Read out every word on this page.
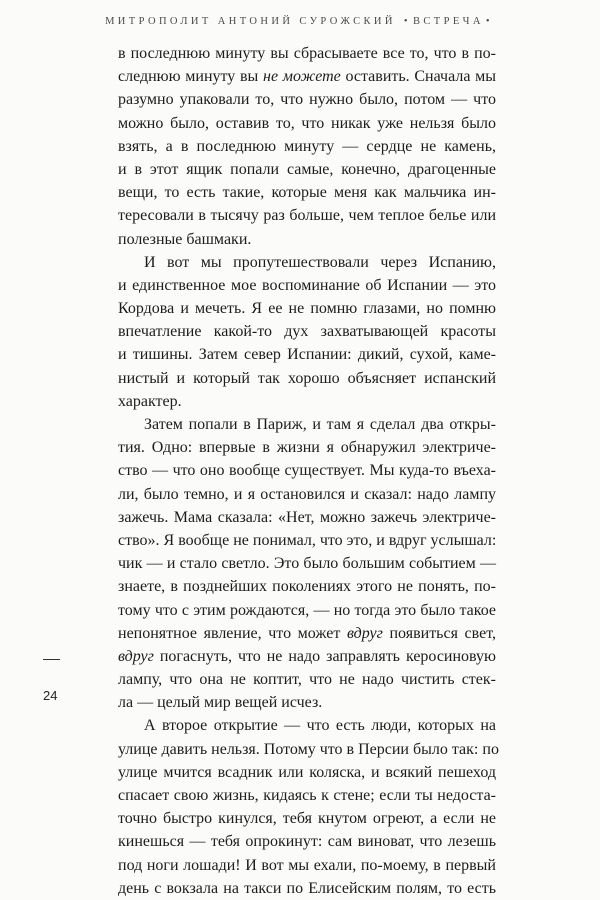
МИТРОПОЛИТ АНТОНИЙ СУРОЖСКИЙ • ВСТРЕЧА •
в последнюю минуту вы сбрасываете все то, что в по-
следнюю минуту вы не можете оставить. Сначала мы
разумно упаковали то, что нужно было, потом — что
можно было, оставив то, что никак уже нельзя было
взять, а в последнюю минуту — сердце не камень,
и в этот ящик попали самые, конечно, драгоценные
вещи, то есть такие, которые меня как мальчика ин-
тересовали в тысячу раз больше, чем теплое белье или
полезные башмаки.
И вот мы пропутешествовали через Испанию,
и единственное мое воспоминание об Испании — это
Кордова и мечеть. Я ее не помню глазами, но помню
впечатление какой-то дух захватывающей красоты
и тишины. Затем север Испании: дикий, сухой, каме-
нистый и который так хорошо объясняет испанский
характер.
Затем попали в Париж, и там я сделал два откры-
тия. Одно: впервые в жизни я обнаружил электриче-
ство — что оно вообще существует. Мы куда-то въеха-
ли, было темно, и я остановился и сказал: надо лампу
зажечь. Мама сказала: «Нет, можно зажечь электриче-
ство». Я вообще не понимал, что это, и вдруг услышал:
чик — и стало светло. Это было большим событием —
знаете, в позднейших поколениях этого не понять, по-
тому что с этим рождаются, — но тогда это было такое
непонятное явление, что может вдруг появиться свет,
вдруг погаснуть, что не надо заправлять керосиновую
лампу, что она не коптит, что не надо чистить стек-
ла — целый мир вещей исчез.
А второе открытие — что есть люди, которых на
улице давить нельзя. Потому что в Персии было так: по
улице мчится всадник или коляска, и всякий пешеход
спасает свою жизнь, кидаясь к стене; если ты недоста-
точно быстро кинулся, тебя кнутом огреют, а если не
кинешься — тебя опрокинут: сам виноват, что лезешь
под ноги лошади! И вот мы ехали, по-моему, в первый
день с вокзала на такси по Елисейским полям, то есть
24
